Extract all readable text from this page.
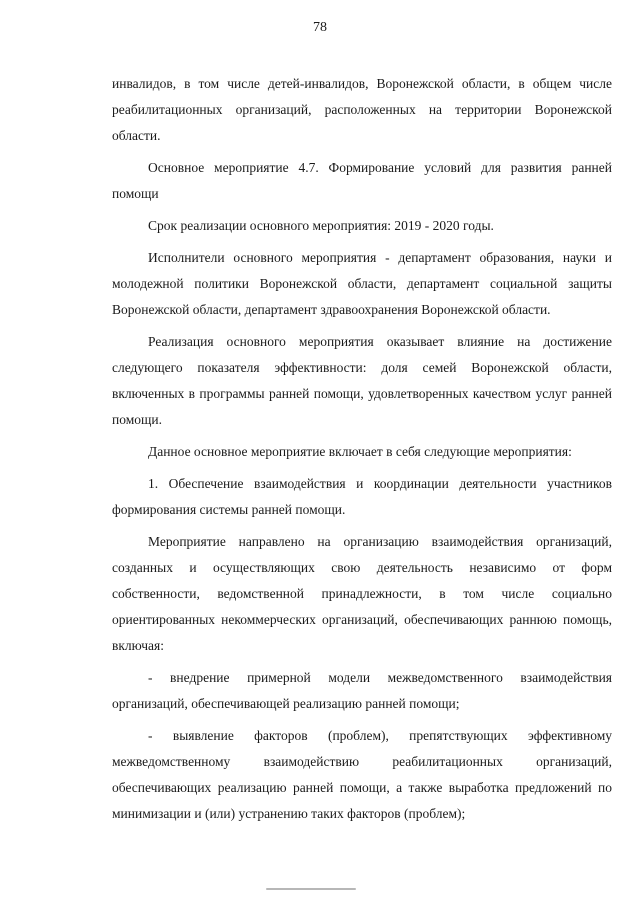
78

инвалидов, в том числе детей-инвалидов, Воронежской области, в общем числе реабилитационных организаций, расположенных на территории Воронежской области.

Основное мероприятие 4.7. Формирование условий для развития ранней помощи

Срок реализации основного мероприятия: 2019 - 2020 годы.

Исполнители основного мероприятия - департамент образования, науки и молодежной политики Воронежской области, департамент социальной защиты Воронежской области, департамент здравоохранения Воронежской области.

Реализация основного мероприятия оказывает влияние на достижение следующего показателя эффективности: доля семей Воронежской области, включенных в программы ранней помощи, удовлетворенных качеством услуг ранней помощи.

Данное основное мероприятие включает в себя следующие мероприятия:

1. Обеспечение взаимодействия и координации деятельности участников формирования системы ранней помощи.

Мероприятие направлено на организацию взаимодействия организаций, созданных и осуществляющих свою деятельность независимо от форм собственности, ведомственной принадлежности, в том числе социально ориентированных некоммерческих организаций, обеспечивающих раннюю помощь, включая:

- внедрение примерной модели межведомственного взаимодействия организаций, обеспечивающей реализацию ранней помощи;

- выявление факторов (проблем), препятствующих эффективному межведомственному взаимодействию реабилитационных организаций, обеспечивающих реализацию ранней помощи, а также выработка предложений по минимизации и (или) устранению таких факторов (проблем);
